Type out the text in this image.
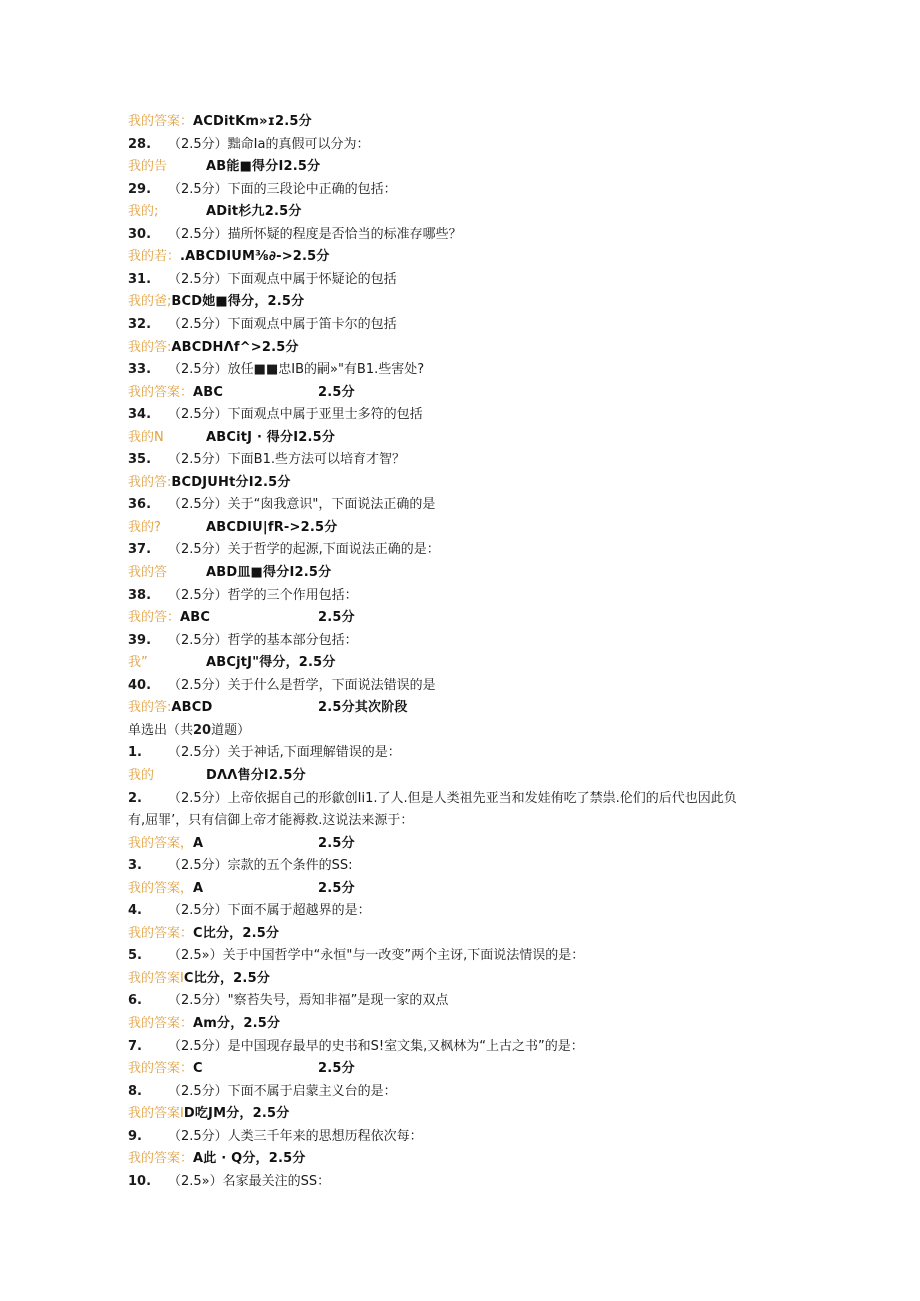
我的答案：ACDitKm»ɪ2.5分
28. （2.5分）黜命Ia的真假可以分为：
我的告	AB能■得分I2.5分
29. （2.5分）下面的三段论中正确的包括：
我的;	ADit杉九2.5分
30. （2.5分）描所怀疑的程度是否恰当的标准存哪些？
我的若：.ABCDIUM⅜∂->2.5分
31. （2.5分）下面观点中属于怀疑论的包括
我的爸;BCD她■得分，2.5分
32. （2.5分）下面观点中属于笛卡尔的包括
我的答:ABCDHΛf^>2.5分
33. （2.5分）放任■■忠IB的嗣»"有B1.些害处?
我的答案：ABC	2.5分
34. （2.5分）下面观点中属于亚里士多符的包括
我的N	ABCitJ · 得分I2.5分
35. （2.5分）下面B1.些方法可以培育才智？
我的答:BCDJUHt分I2.5分
36. （2.5分）关于“囱我意识"，下面说法正确的是
我的?	ABCDIU|fR->2.5分
37. （2.5分）关于哲学的起源,下面说法正确的是：
我的答	ABD皿■得分I2.5分
38. （2.5分）哲学的三个作用包括：
我的答：ABC	2.5分
39. （2.5分）哲学的基本部分包括：
我”	ABCjtJ"得分，2.5分
40. （2.5分）关于什么是哲学，下面说法错误的是
我的答:ABCD	2.5分其次阶段
单选出（共20道题）
1. （2.5分）关于神话,下面理解错误的是：
我的	DΛΛ售分I2.5分
2. （2.5分）上帝依据自己的形歙创Ii1.了人.但是人类祖先亚当和发娃侑吃了禁祟.伦们的后代也因此负
有,屈罪’，只有信御上帝才能褥救.这说法来源于：
我的答案，A	2.5分
3. （2.5分）宗款的五个条件的SS:
我的答案，A	2.5分
4. （2.5分）下面不属于超越界的是：
我的答案：C比分，2.5分
5. （2.5»）关于中国哲学中“永恒"与一改变”两个主讶,下面说法情误的是：
我的答案IC比分，2.5分
6. （2.5分）"察苔失号，焉知非福”是现一家的双点
我的答案：Am分，2.5分
7. （2.5分）是中国现存最早的史书和S!室文集,又枫林为“上古之书”的是：
我的答案：C	2.5分
8. （2.5分）下面不属于启蒙主义台的是：
我的答案ID吃JM分，2.5分
9. （2.5分）人类三千年来的思想历程依次每：
我的答案：A此 · Q分，2.5分
10. （2.5»）名家最关注的SS：
